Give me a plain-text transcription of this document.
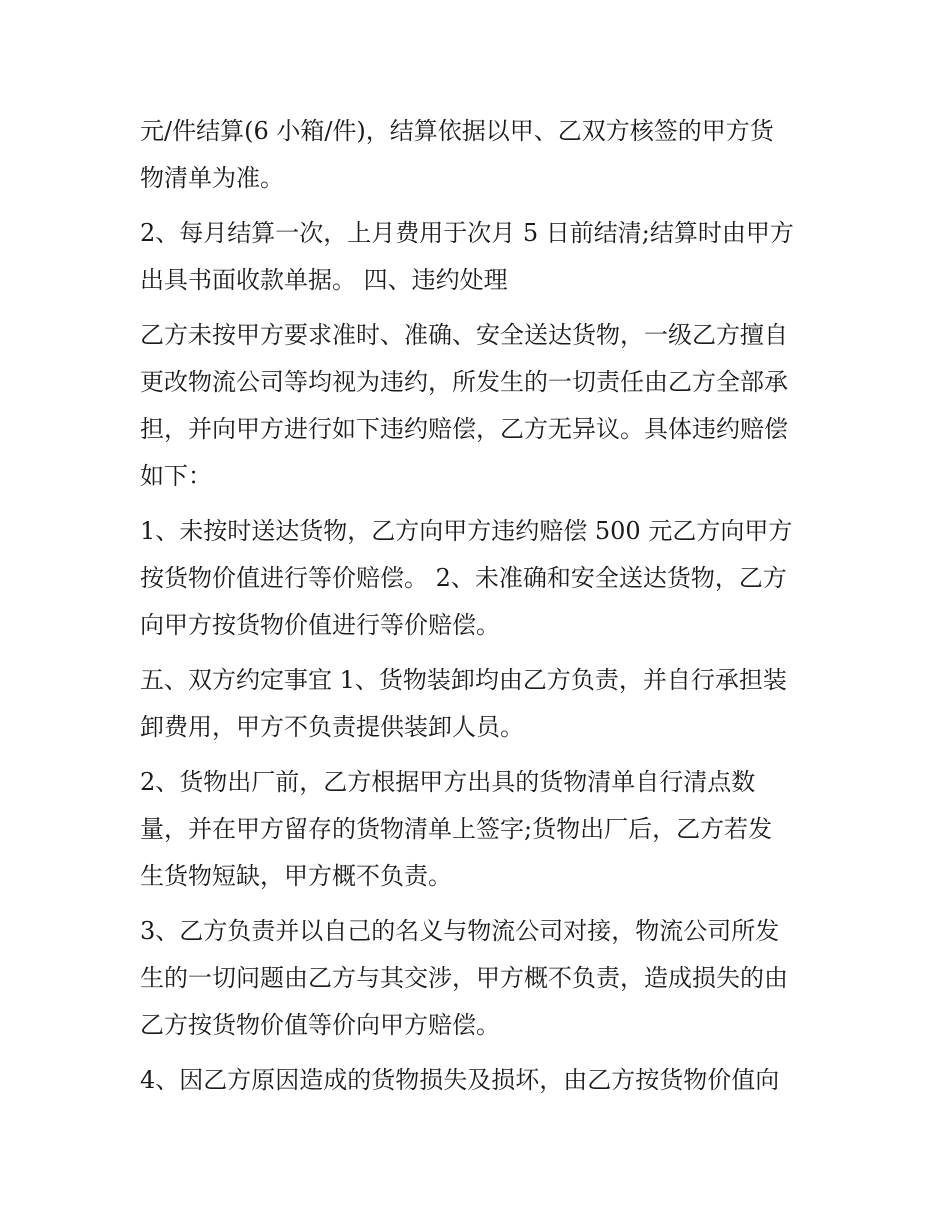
元/件结算(6 小箱/件)，结算依据以甲、乙双方核签的甲方货
物清单为准。
2、每月结算一次，上月费用于次月 5 日前结清;结算时由甲方
出具书面收款单据。 四、违约处理
乙方未按甲方要求准时、准确、安全送达货物，一级乙方擅自
更改物流公司等均视为违约，所发生的一切责任由乙方全部承
担，并向甲方进行如下违约赔偿，乙方无异议。具体违约赔偿
如下：
1、未按时送达货物，乙方向甲方违约赔偿 500 元乙方向甲方
按货物价值进行等价赔偿。 2、未准确和安全送达货物，乙方
向甲方按货物价值进行等价赔偿。
五、双方约定事宜 1、货物装卸均由乙方负责，并自行承担装
卸费用，甲方不负责提供装卸人员。
2、货物出厂前，乙方根据甲方出具的货物清单自行清点数
量，并在甲方留存的货物清单上签字;货物出厂后，乙方若发
生货物短缺，甲方概不负责。
3、乙方负责并以自己的名义与物流公司对接，物流公司所发
生的一切问题由乙方与其交涉，甲方概不负责，造成损失的由
乙方按货物价值等价向甲方赔偿。
4、因乙方原因造成的货物损失及损坏，由乙方按货物价值向
